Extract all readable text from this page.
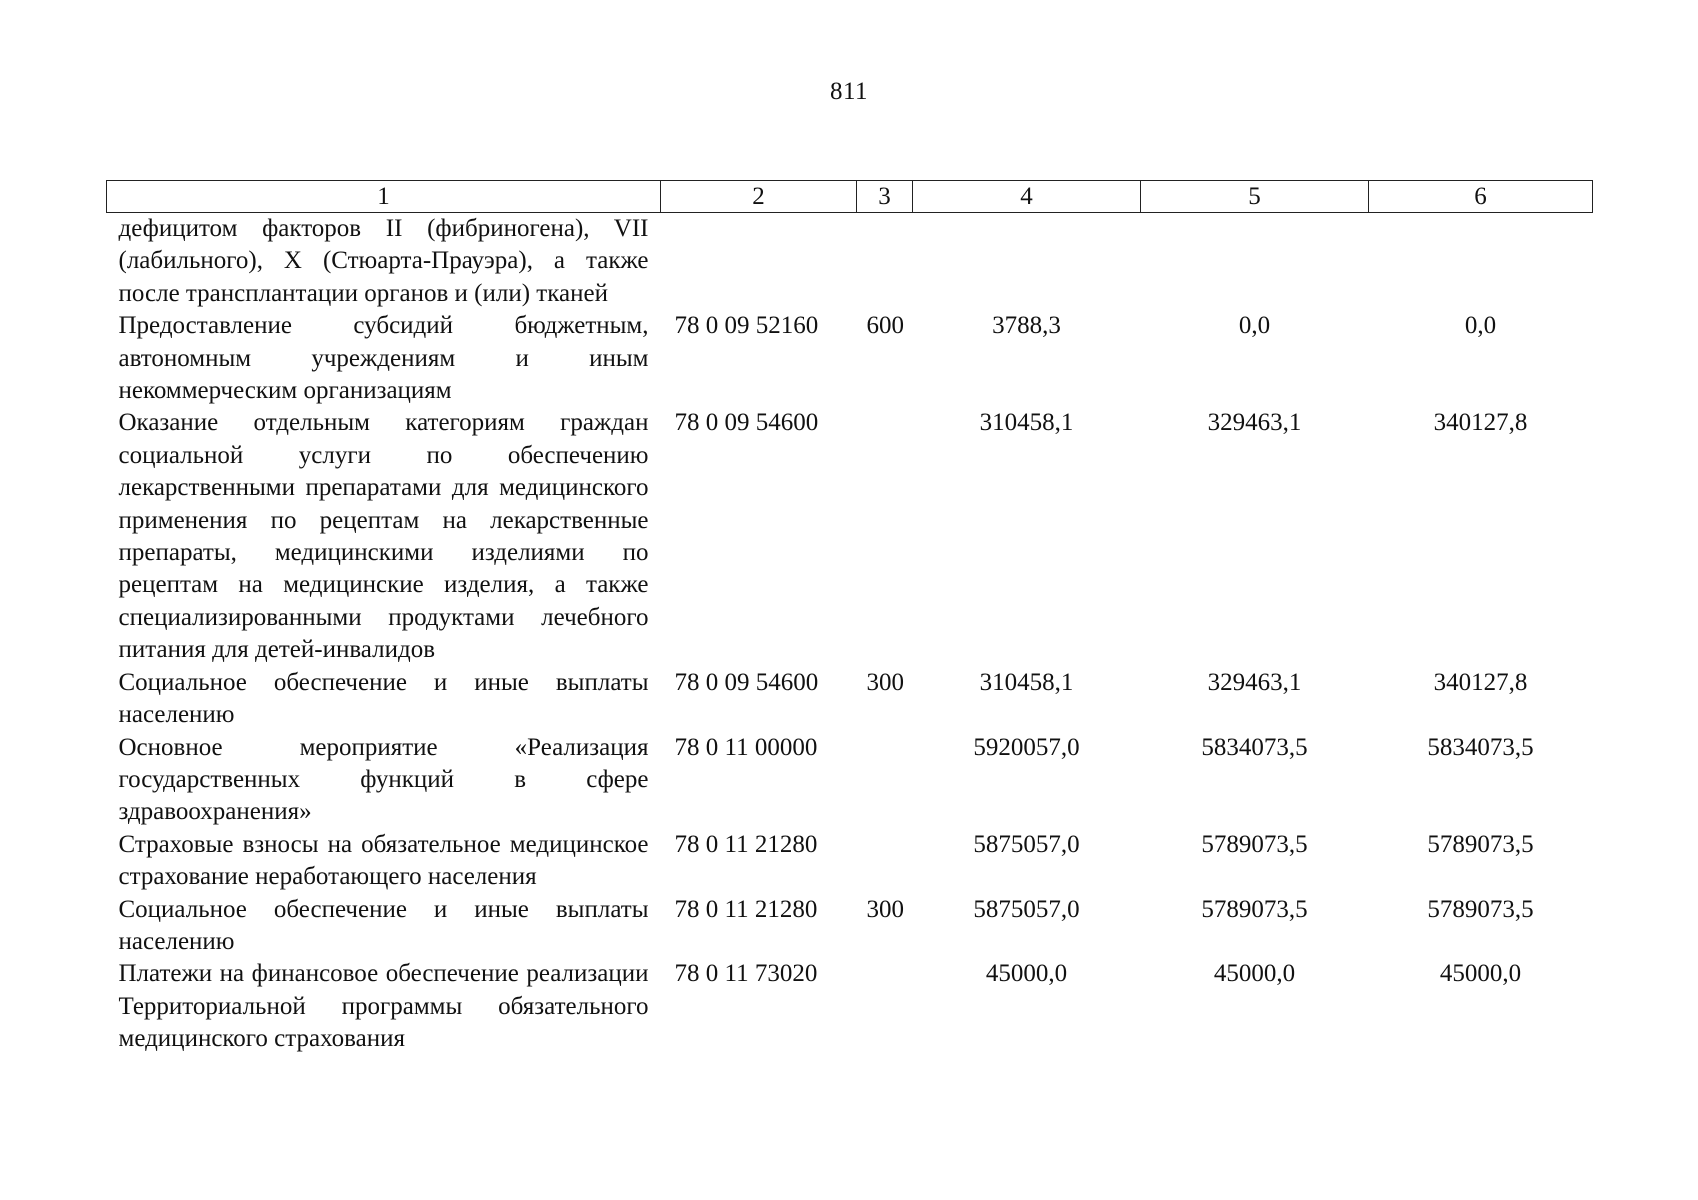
811
1	2	3	4	5	6
дефицитом факторов II (фибриногена), VII (лабильного), X (Стюарта-Прауэра), а также после трансплантации органов и (или) тканей					
Предоставление субсидий бюджетным, автономным учреждениям и иным некоммерческим организациям	78 0 09 52160	600	3788,3	0,0	0,0
Оказание отдельным категориям граждан социальной услуги по обеспечению лекарственными препаратами для медицинского применения по рецептам на лекарственные препараты, медицинскими изделиями по рецептам на медицинские изделия, а также специализированными продуктами лечебного питания для детей-инвалидов	78 0 09 54600		310458,1	329463,1	340127,8
Социальное обеспечение и иные выплаты населению	78 0 09 54600	300	310458,1	329463,1	340127,8
Основное мероприятие «Реализация государственных функций в сфере здравоохранения»	78 0 11 00000		5920057,0	5834073,5	5834073,5
Страховые взносы на обязательное медицинское страхование неработающего населения	78 0 11 21280		5875057,0	5789073,5	5789073,5
Социальное обеспечение и иные выплаты населению	78 0 11 21280	300	5875057,0	5789073,5	5789073,5
Платежи на финансовое обеспечение реализации Территориальной программы обязательного медицинского страхования	78 0 11 73020		45000,0	45000,0	45000,0
